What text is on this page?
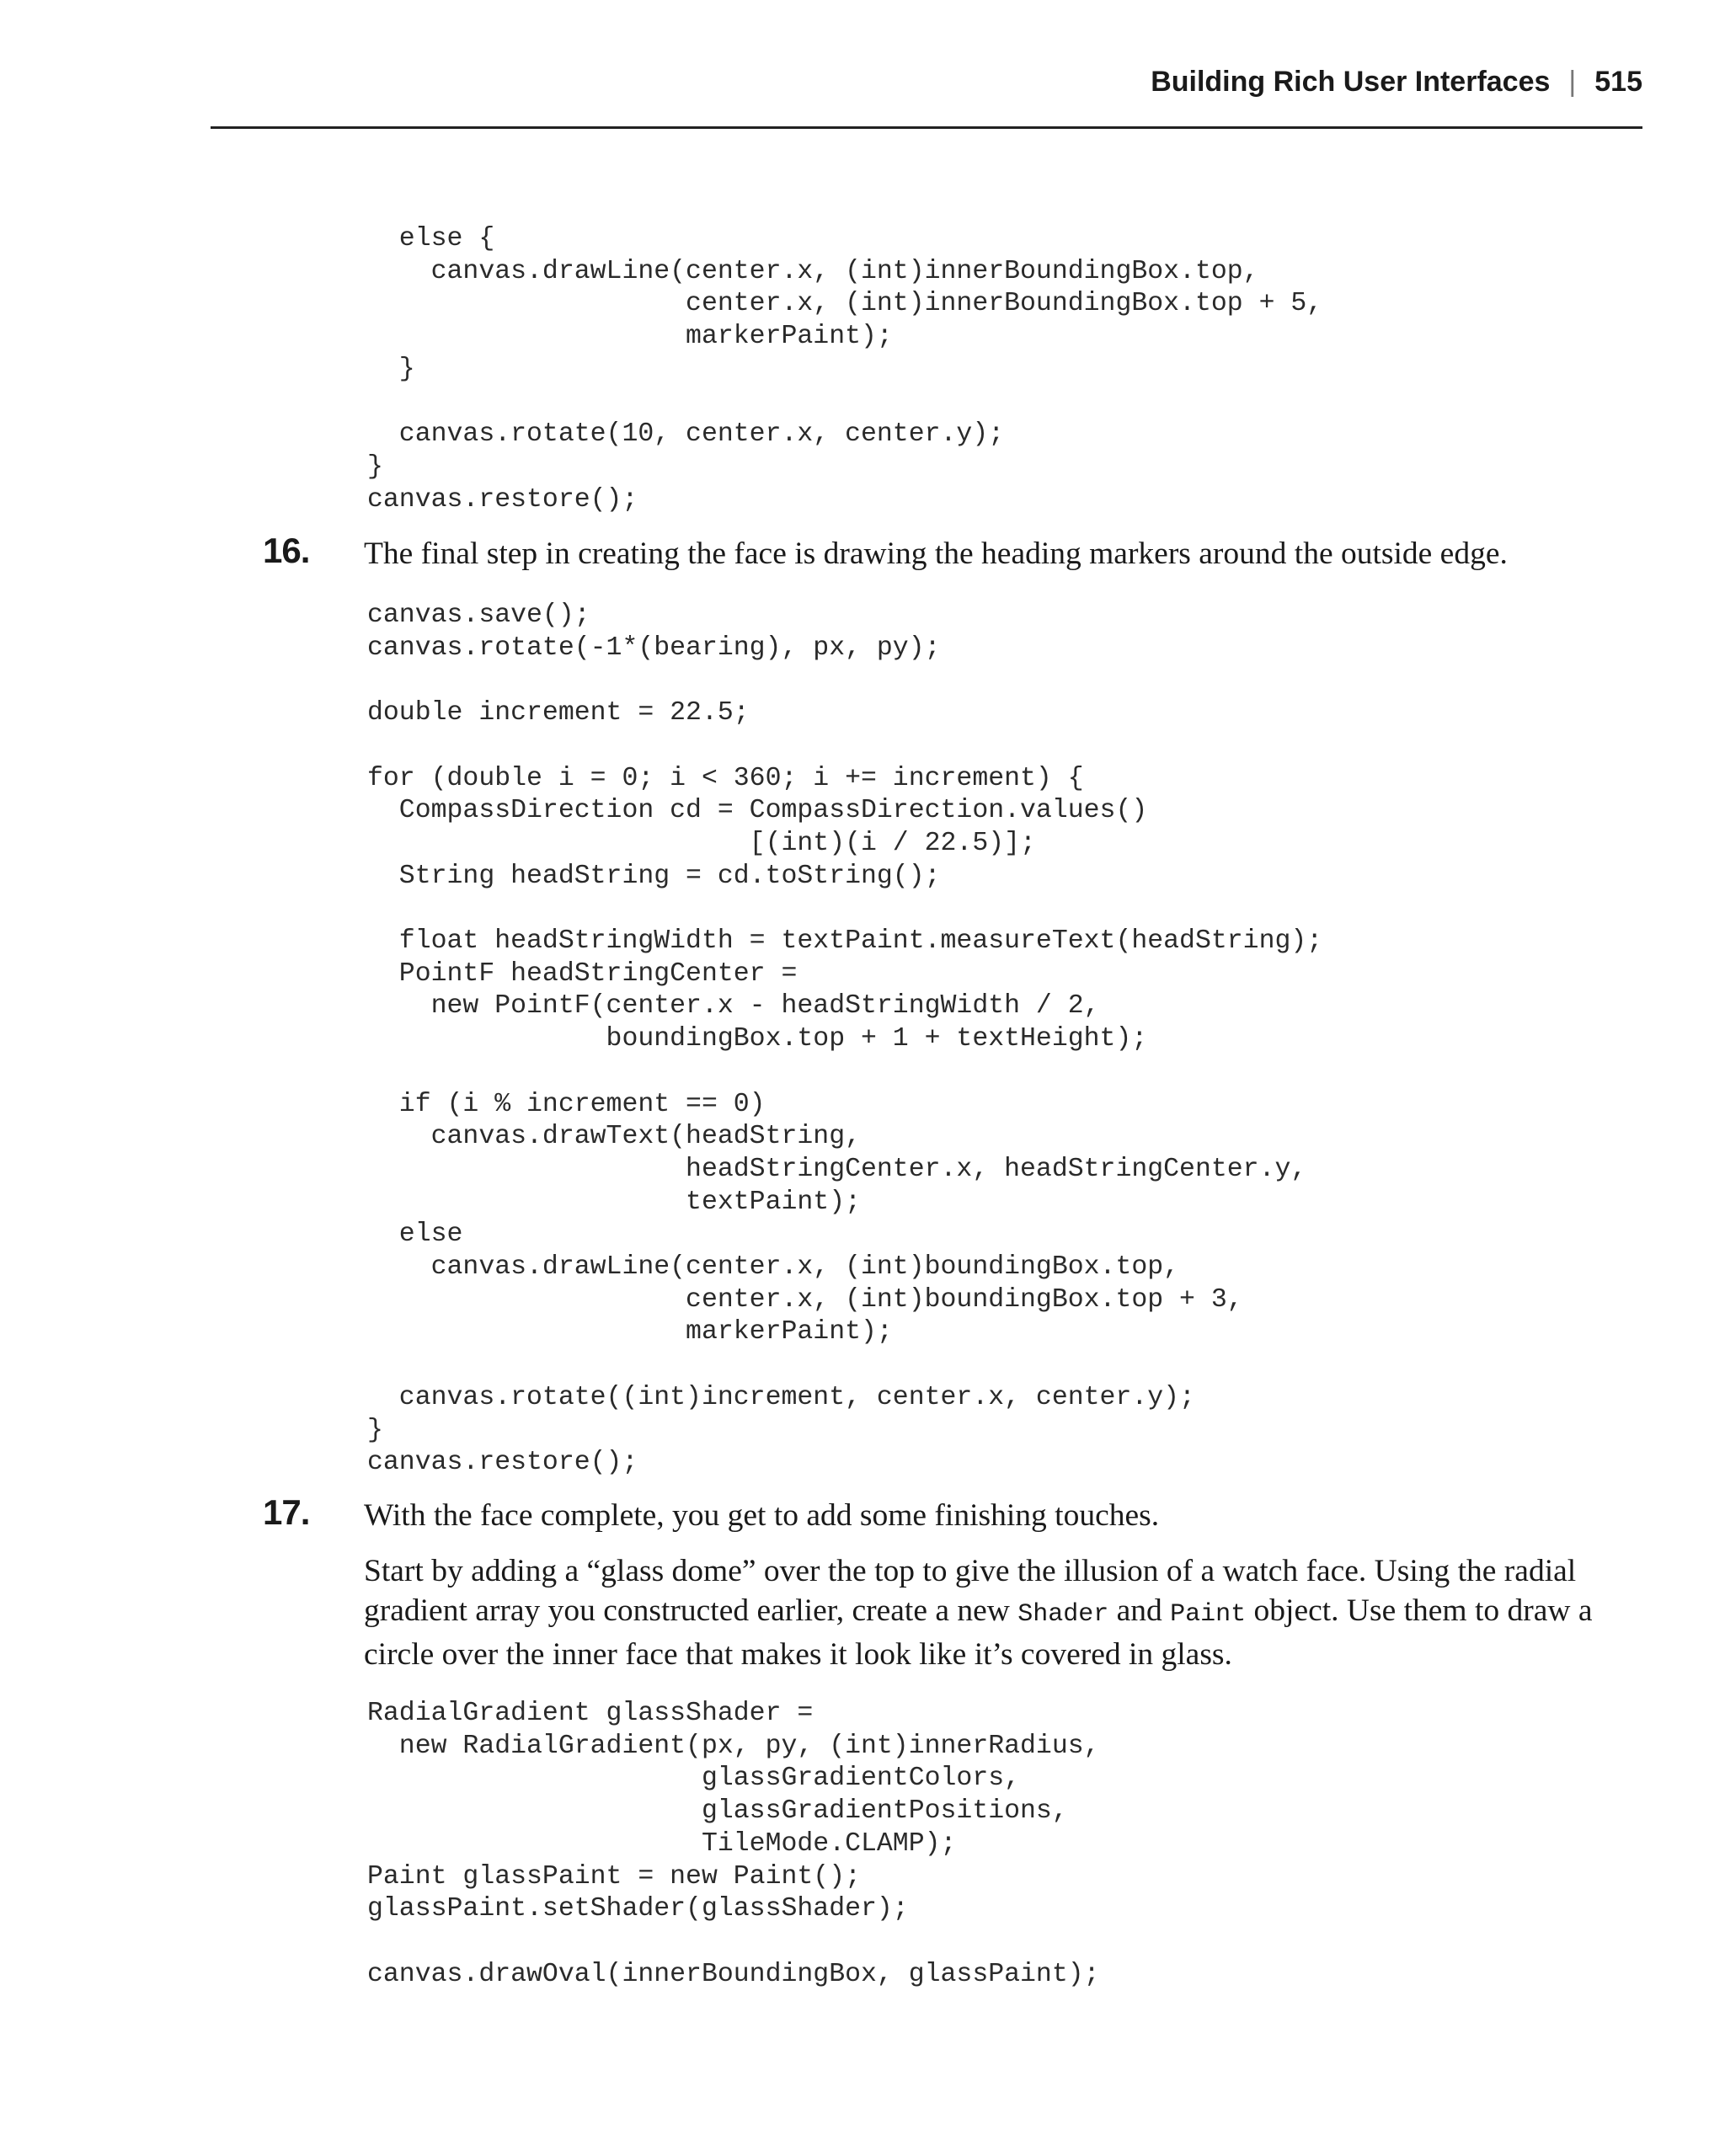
Building Rich User Interfaces | 515
else {
canvas.drawLine(center.x, (int)innerBoundingBox.top,
center.x, (int)innerBoundingBox.top + 5,
markerPaint);
}

canvas.rotate(10, center.x, center.y);
}
canvas.restore();
16. The final step in creating the face is drawing the heading markers around the outside edge.

canvas.save();
canvas.rotate(-1*(bearing), px, py);

double increment = 22.5;

for (double i = 0; i < 360; i += increment) {
CompassDirection cd = CompassDirection.values()
[(int)(i / 22.5)];
String headString = cd.toString();

float headStringWidth = textPaint.measureText(headString);
PointF headStringCenter =
new PointF(center.x - headStringWidth / 2,
boundingBox.top + 1 + textHeight);

if (i % increment == 0)
canvas.drawText(headString,
headStringCenter.x, headStringCenter.y,
textPaint);
else
canvas.drawLine(center.x, (int)boundingBox.top,
center.x, (int)boundingBox.top + 3,
markerPaint);

canvas.rotate((int)increment, center.x, center.y);
}
canvas.restore();
17. With the face complete, you get to add some finishing touches.

Start by adding a “glass dome” over the top to give the illusion of a watch face. Using the radial gradient array you constructed earlier, create a new Shader and Paint object. Use them to draw a circle over the inner face that makes it look like it’s covered in glass.

RadialGradient glassShader =
new RadialGradient(px, py, (int)innerRadius,
glassGradientColors,
glassGradientPositions,
TileMode.CLAMP);
Paint glassPaint = new Paint();
glassPaint.setShader(glassShader);

canvas.drawOval(innerBoundingBox, glassPaint);
